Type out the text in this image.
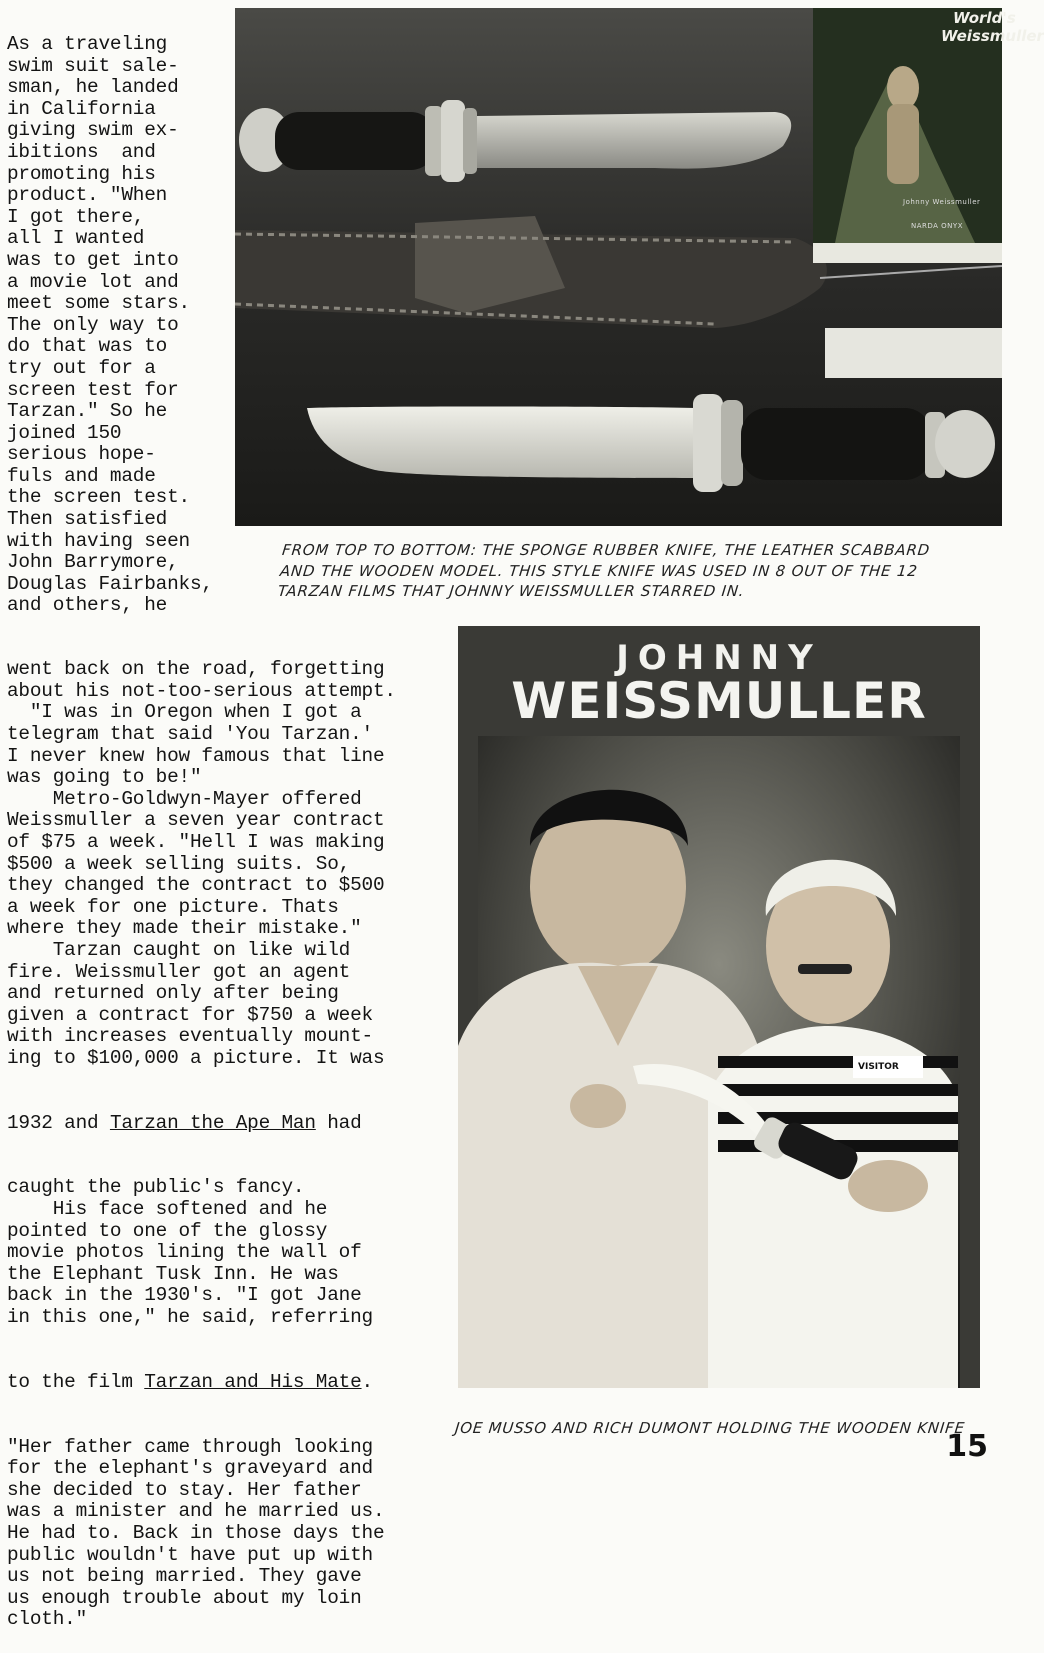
As a traveling
swim suit sale-
sman, he landed
in California
giving swim ex-
ibitions  and
promoting his
product. "When
I got there,
all I wanted
was to get into
a movie lot and
meet some stars.
The only way to
do that was to
try out for a
screen test for
Tarzan." So he
joined 150
serious hope-
fuls and made
the screen test.
Then satisfied
with having seen
John Barrymore,
Douglas Fairbanks,
and others, he

went back on the road, forgetting
about his not-too-serious attempt.
"I was in Oregon when I got a
telegram that said 'You Tarzan.'
I never knew how famous that line
was going to be!"
Metro-Goldwyn-Mayer offered
Weissmuller a seven year contract
of $75 a week. "Hell I was making
$500 a week selling suits. So,
they changed the contract to $500
a week for one picture. Thats
where they made their mistake."
Tarzan caught on like wild
fire. Weissmuller got an agent
and returned only after being
given a contract for $750 a week
with increases eventually mount-
ing to $100,000 a picture. It was

1932 and Tarzan the Ape Man had

caught the public's fancy.
His face softened and he
pointed to one of the glossy
movie photos lining the wall of
the Elephant Tusk Inn. He was
back in the 1930's. "I got Jane
in this one," he said, referring

to the film Tarzan and His Mate.

"Her father came through looking
for the elephant's graveyard and
she decided to stay. Her father
was a minister and he married us.
He had to. Back in those days the
public wouldn't have put up with
us not being married. They gave
us enough trouble about my loin
cloth."

World's
Weissmuller
Johnny Weissmuller
NARDA ONYX
FROM TOP TO BOTTOM: THE SPONGE RUBBER KNIFE, THE LEATHER SCABBARD
AND THE WOODEN MODEL. THIS STYLE KNIFE WAS USED IN 8 OUT OF THE 12
TARZAN FILMS THAT JOHNNY WEISSMULLER STARRED IN.
JOHNNY
WEISSMULLER
VISITOR
JOE MUSSO AND RICH DUMONT HOLDING THE WOODEN KNIFE
15
